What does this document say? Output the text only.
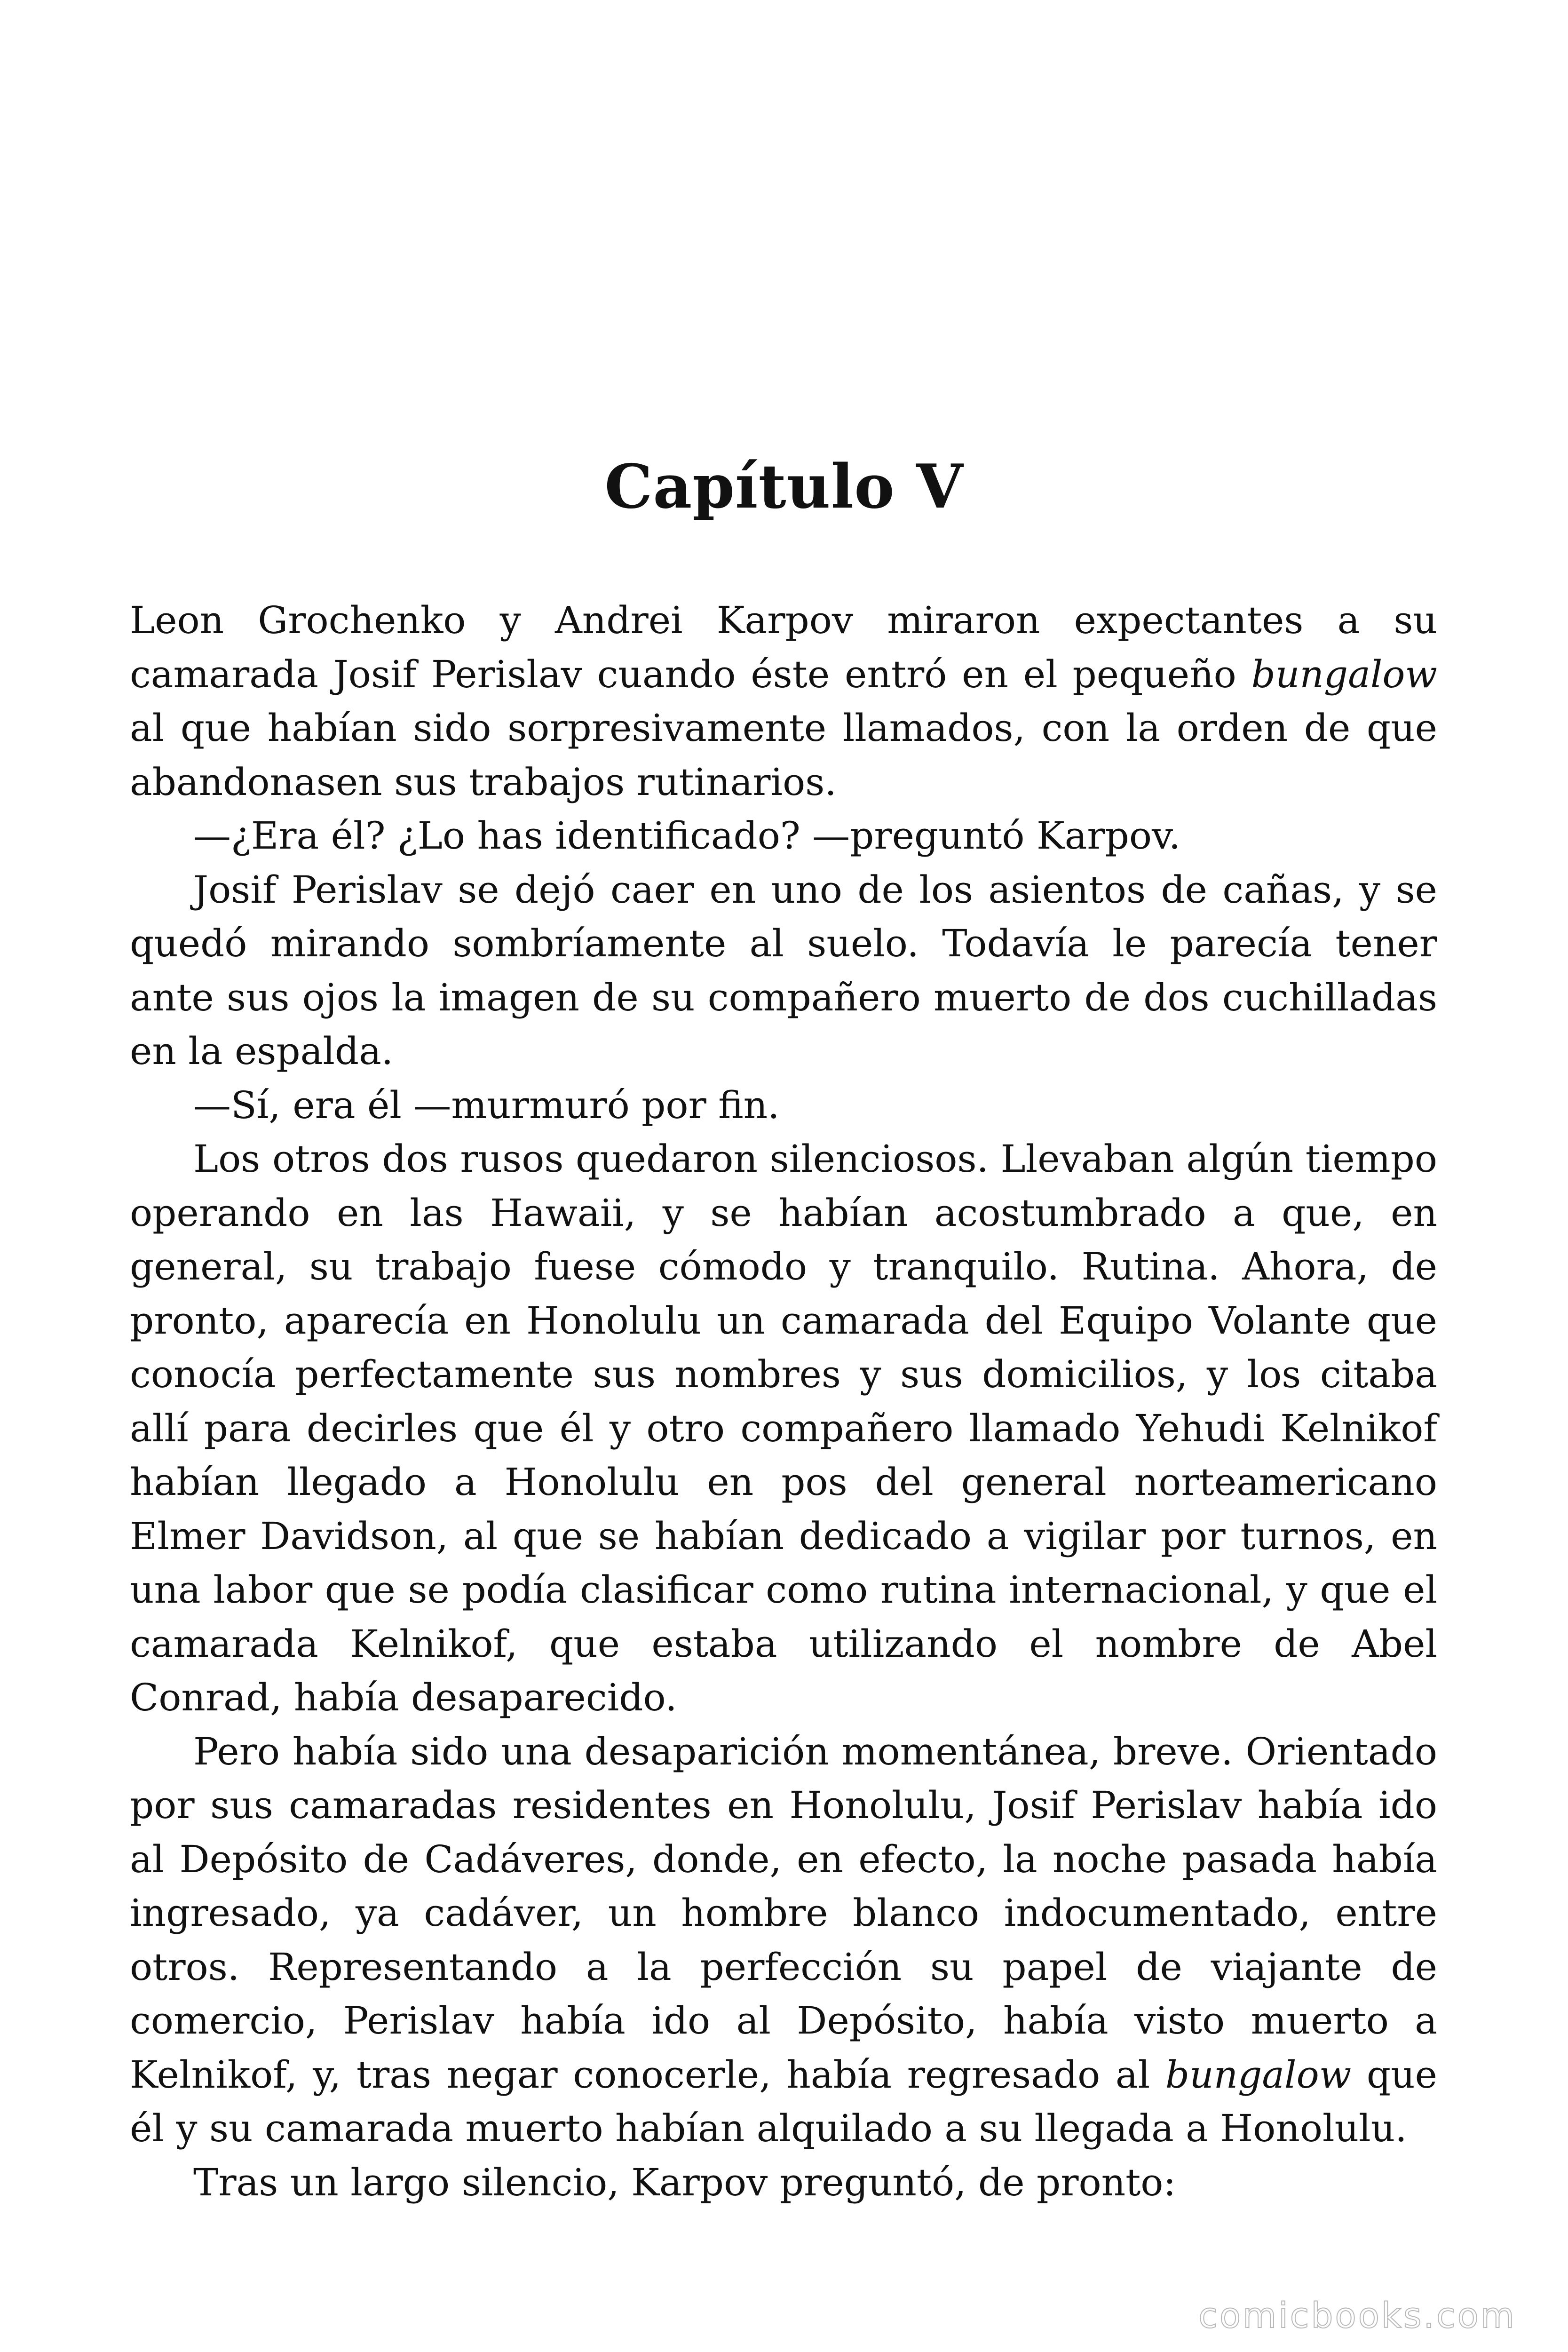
Capítulo V

Leon Grochenko y Andrei Karpov miraron expectantes a su camarada Josif Perislav cuando éste entró en el pequeño bungalow al que habían sido sorpresivamente llamados, con la orden de que abandonasen sus trabajos rutinarios.

—¿Era él? ¿Lo has identificado? —preguntó Karpov.

Josif Perislav se dejó caer en uno de los asientos de cañas, y se quedó mirando sombríamente al suelo. Todavía le parecía tener ante sus ojos la imagen de su compañero muerto de dos cuchilladas en la espalda.

—Sí, era él —murmuró por fin.

Los otros dos rusos quedaron silenciosos. Llevaban algún tiempo operando en las Hawaii, y se habían acostumbrado a que, en general, su trabajo fuese cómodo y tranquilo. Rutina. Ahora, de pronto, aparecía en Honolulu un camarada del Equipo Volante que conocía perfectamente sus nombres y sus domicilios, y los citaba allí para decirles que él y otro compañero llamado Yehudi Kelnikof habían llegado a Honolulu en pos del general norteamericano Elmer Davidson, al que se habían dedicado a vigilar por turnos, en una labor que se podía clasificar como rutina internacional, y que el camarada Kelnikof, que estaba utilizando el nombre de Abel Conrad, había desaparecido.

Pero había sido una desaparición momentánea, breve. Orientado por sus camaradas residentes en Honolulu, Josif Perislav había ido al Depósito de Cadáveres, donde, en efecto, la noche pasada había ingresado, ya cadáver, un hombre blanco indocumentado, entre otros. Representando a la perfección su papel de viajante de comercio, Perislav había ido al Depósito, había visto muerto a Kelnikof, y, tras negar conocerle, había regresado al bungalow que él y su camarada muerto habían alquilado a su llegada a Honolulu.

Tras un largo silencio, Karpov preguntó, de pronto:

comicbooks.com
